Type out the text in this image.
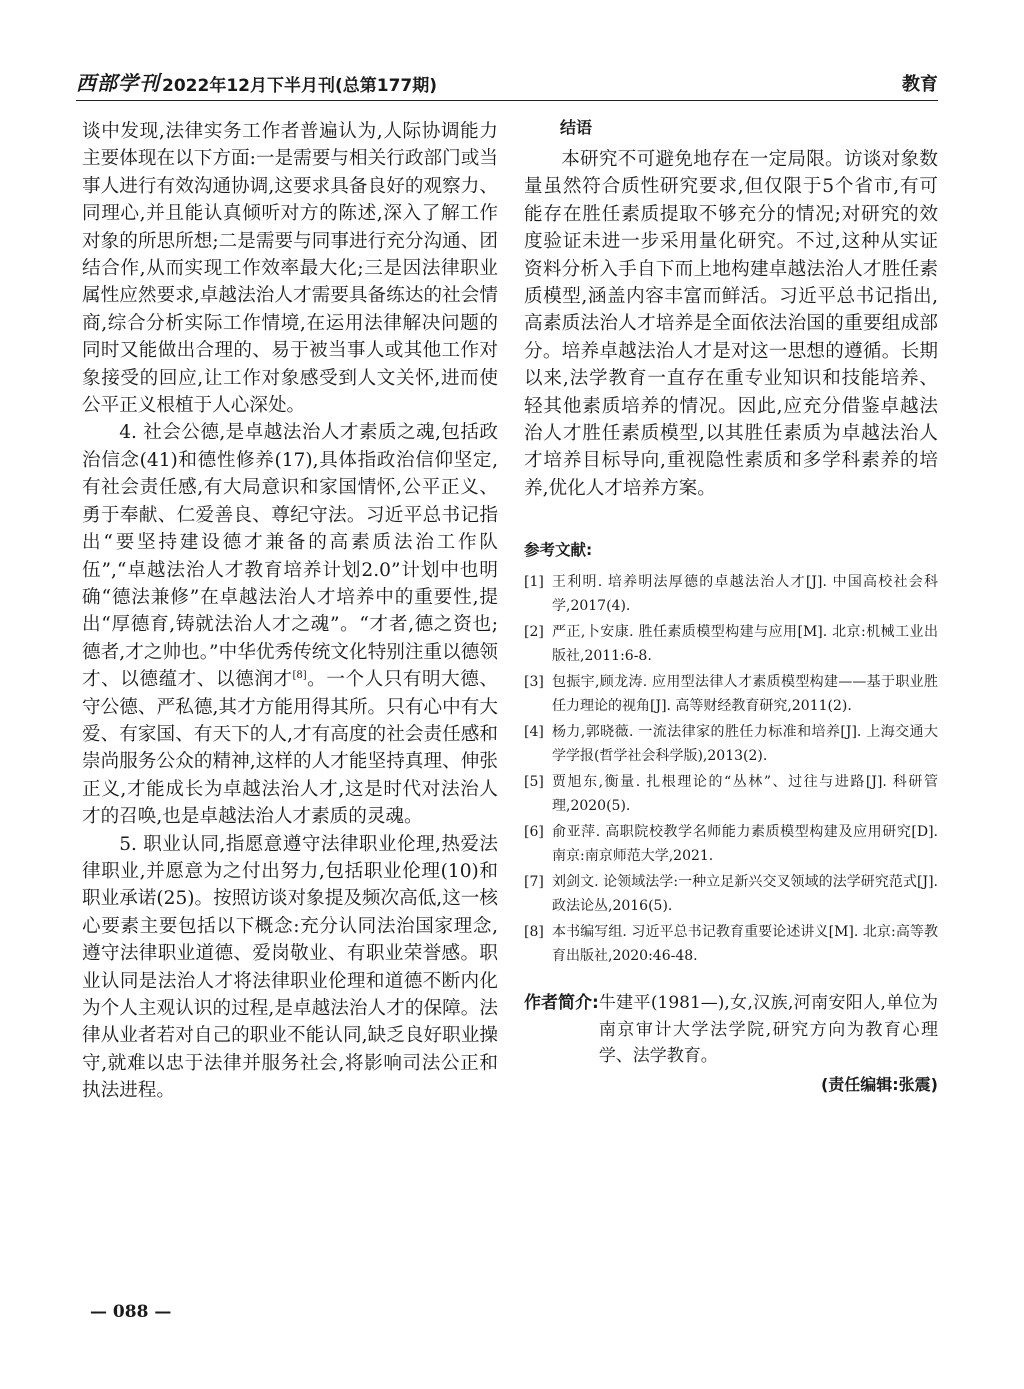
西部学刊 2022年12月下半月刊(总第177期)	教育

谈中发现,法律实务工作者普遍认为,人际协调能力主要体现在以下方面:一是需要与相关行政部门或当事人进行有效沟通协调,这要求具备良好的观察力、同理心,并且能认真倾听对方的陈述,深入了解工作对象的所思所想;二是需要与同事进行充分沟通、团结合作,从而实现工作效率最大化;三是因法律职业属性应然要求,卓越法治人才需要具备练达的社会情商,综合分析实际工作情境,在运用法律解决问题的同时又能做出合理的、易于被当事人或其他工作对象接受的回应,让工作对象感受到人文关怀,进而使公平正义根植于人心深处。

4. 社会公德,是卓越法治人才素质之魂,包括政治信念(41)和德性修养(17),具体指政治信仰坚定,有社会责任感,有大局意识和家国情怀,公平正义、勇于奉献、仁爱善良、尊纪守法。习近平总书记指出“要坚持建设德才兼备的高素质法治工作队伍”,“卓越法治人才教育培养计划2.0”计划中也明确“德法兼修”在卓越法治人才培养中的重要性,提出“厚德育,铸就法治人才之魂”。“才者,德之资也;德者,才之帅也。”中华优秀传统文化特别注重以德领才、以德蕴才、以德润才[8]。一个人只有明大德、守公德、严私德,其才方能用得其所。只有心中有大爱、有家国、有天下的人,才有高度的社会责任感和崇尚服务公众的精神,这样的人才能坚持真理、伸张正义,才能成长为卓越法治人才,这是时代对法治人才的召唤,也是卓越法治人才素质的灵魂。

5. 职业认同,指愿意遵守法律职业伦理,热爱法律职业,并愿意为之付出努力,包括职业伦理(10)和职业承诺(25)。按照访谈对象提及频次高低,这一核心要素主要包括以下概念:充分认同法治国家理念,遵守法律职业道德、爱岗敬业、有职业荣誉感。职业认同是法治人才将法律职业伦理和道德不断内化为个人主观认识的过程,是卓越法治人才的保障。法律从业者若对自己的职业不能认同,缺乏良好职业操守,就难以忠于法律并服务社会,将影响司法公正和执法进程。

结语

本研究不可避免地存在一定局限。访谈对象数量虽然符合质性研究要求,但仅限于5个省市,有可能存在胜任素质提取不够充分的情况;对研究的效度验证未进一步采用量化研究。不过,这种从实证资料分析入手自下而上地构建卓越法治人才胜任素质模型,涵盖内容丰富而鲜活。习近平总书记指出,高素质法治人才培养是全面依法治国的重要组成部分。培养卓越法治人才是对这一思想的遵循。长期以来,法学教育一直存在重专业知识和技能培养、轻其他素质培养的情况。因此,应充分借鉴卓越法治人才胜任素质模型,以其胜任素质为卓越法治人才培养目标导向,重视隐性素质和多学科素养的培养,优化人才培养方案。

参考文献:
[1] 王利明. 培养明法厚德的卓越法治人才[J]. 中国高校社会科学,2017(4).
[2] 严正,卜安康. 胜任素质模型构建与应用[M]. 北京:机械工业出版社,2011:6-8.
[3] 包振宇,顾龙涛. 应用型法律人才素质模型构建——基于职业胜任力理论的视角[J]. 高等财经教育研究,2011(2).
[4] 杨力,郭晓薇. 一流法律家的胜任力标准和培养[J]. 上海交通大学学报(哲学社会科学版),2013(2).
[5] 贾旭东,衡量. 扎根理论的“丛林”、过往与进路[J]. 科研管理,2020(5).
[6] 俞亚萍. 高职院校教学名师能力素质模型构建及应用研究[D]. 南京:南京师范大学,2021.
[7] 刘剑文. 论领域法学:一种立足新兴交叉领域的法学研究范式[J]. 政法论丛,2016(5).
[8] 本书编写组. 习近平总书记教育重要论述讲义[M]. 北京:高等教育出版社,2020:46-48.
作者简介: 牛建平(1981—),女,汉族,河南安阳人,单位为南京审计大学法学院,研究方向为教育心理学、法学教育。
(责任编辑:张震)
— 088 —
